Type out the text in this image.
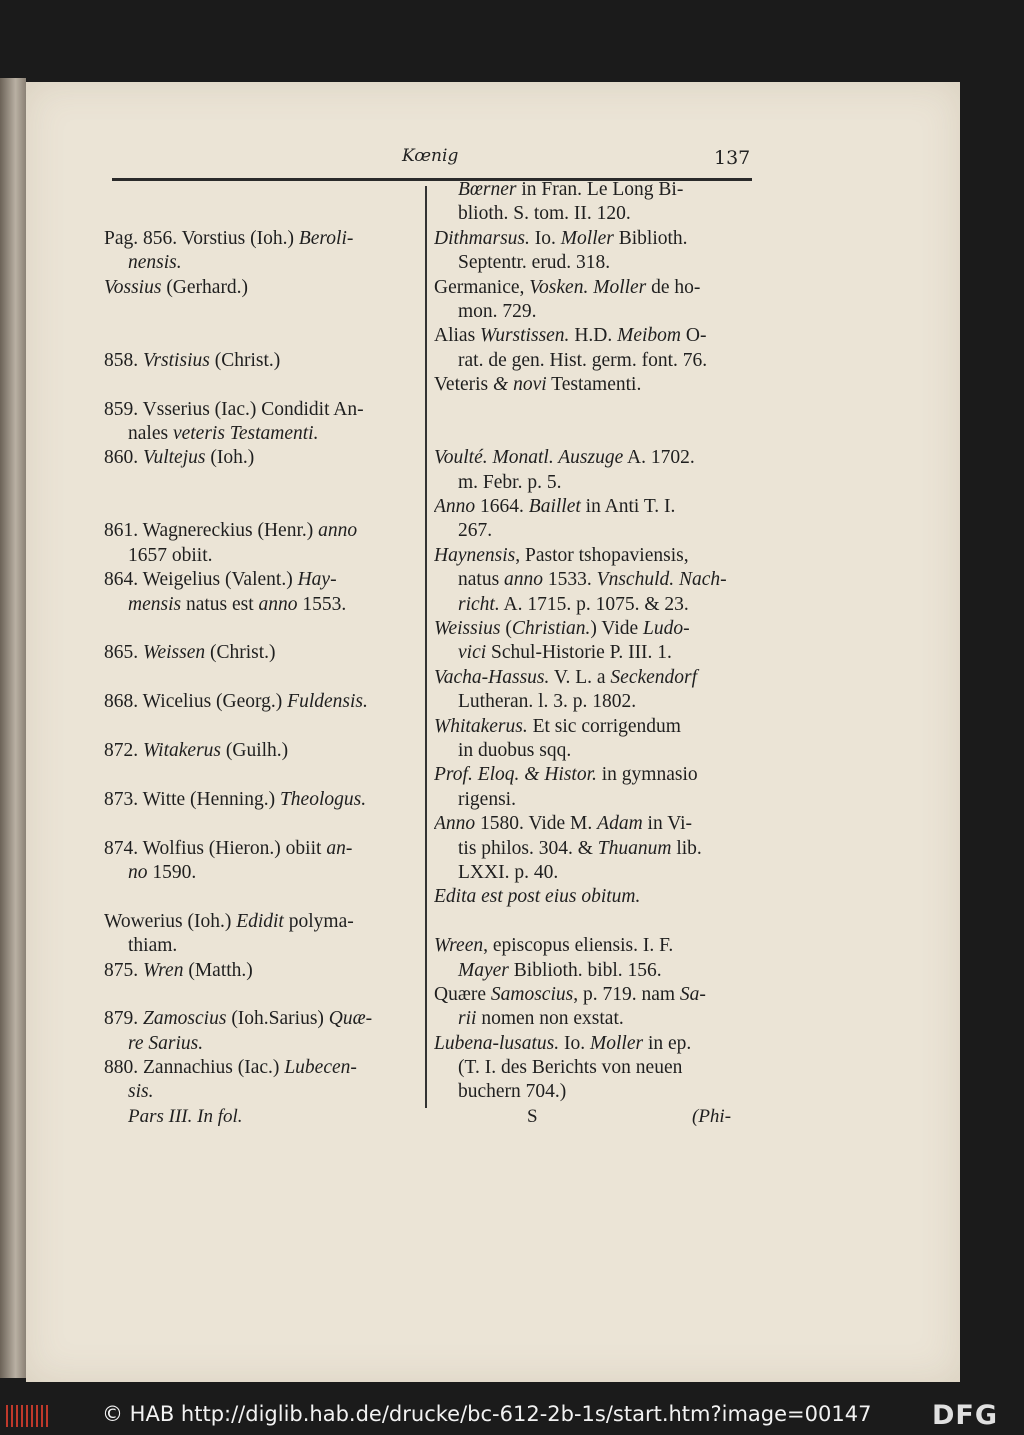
Kœnig	137
Pag. 856. Vorstius (Ioh.) Beroli-
nensis.
Vossius (Gerhard.)
858. Vrstisius (Christ.)
859. Vsserius (Iac.) Condidit An-
nales veteris Testamenti.
860. Vultejus (Ioh.)
861. Wagnereckius (Henr.) anno
1657 obiit.
864. Weigelius (Valent.) Hay-
mensis natus est anno 1553.
865. Weissen (Christ.)
868. Wicelius (Georg.) Fuldensis.
872. Witakerus (Guilh.)
873. Witte (Henning.) Theologus.
874. Wolfius (Hieron.) obiit an-
no 1590.
Wowerius (Ioh.) Edidit polyma-
thiam.
875. Wren (Matth.)
879. Zamoscius (Ioh.Sarius) Quæ-
re Sarius.
880. Zannachius (Iac.) Lubecen-
sis.
Bœrner in Fran. Le Long Bi-
blioth. S. tom. II. 120.
Dithmarsus. Io. Moller Biblioth.
Septentr. erud. 318.
Germanice, Vosken. Moller de ho-
mon. 729.
Alias Wurstissen. H.D. Meibom O-
rat. de gen. Hist. germ. font. 76.
Veteris & novi Testamenti.
Voulté. Monatl. Auszuge A. 1702.
m. Febr. p. 5.
Anno 1664. Baillet in Anti T. I.
267.
Haynensis, Pastor tshopaviensis,
natus anno 1533. Vnschuld. Nach-
richt. A. 1715. p. 1075. & 23.
Weissius (Christian.) Vide Ludo-
vici Schul-Historie P. III. 1.
Vacha-Hassus. V. L. a Seckendorf
Lutheran. l. 3. p. 1802.
Whitakerus. Et sic corrigendum
in duobus sqq.
Prof. Eloq. & Histor. in gymnasio
rigensi.
Anno 1580. Vide M. Adam in Vi-
tis philos. 304. & Thuanum lib.
LXXI. p. 40.
Edita est post eius obitum.
Wreen, episcopus eliensis. I. F.
Mayer Biblioth. bibl. 156.
Quære Samoscius, p. 719. nam Sa-
rii nomen non exstat.
Lubena-lusatus. Io. Moller in ep.
(T. I. des Berichts von neuen
buchern 704.)
Pars III. In fol.	S	(Phi-
© HAB http://diglib.hab.de/drucke/bc-612-2b-1s/start.htm?image=00147 DFG
